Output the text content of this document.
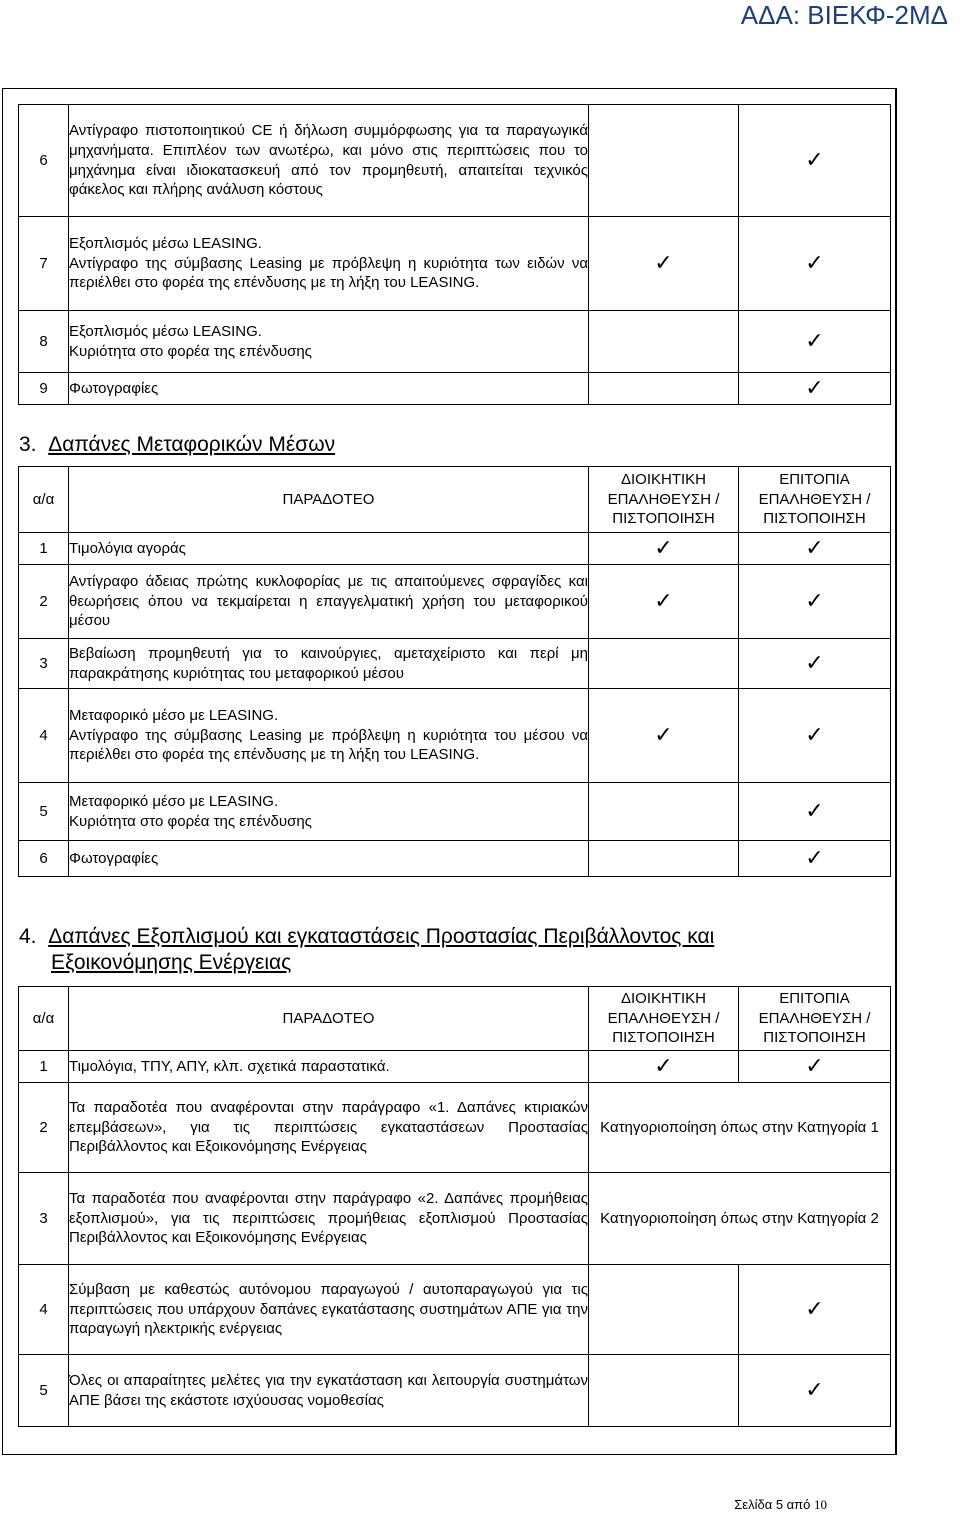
ΑΔΑ: ΒΙΕΚΦ-2ΜΔ
6	Αντίγραφο πιστοποιητικού CE ή δήλωση συμμόρφωσης για τα παραγωγικά μηχανήματα. Επιπλέον των ανωτέρω, και μόνο στις περιπτώσεις που το μηχάνημα είναι ιδιοκατασκευή από τον προμηθευτή, απαιτείται τεχνικός φάκελος και πλήρης ανάλυση κόστους		✓
7	Εξοπλισμός μέσω LEASING.
Αντίγραφο της σύμβασης Leasing με πρόβλεψη η κυριότητα των ειδών να περιέλθει στο φορέα της επένδυσης με τη λήξη του LEASING.	✓	✓
8	Εξοπλισμός μέσω LEASING.
Κυριότητα στο φορέα της επένδυσης		✓
9	Φωτογραφίες		✓
3. Δαπάνες Μεταφορικών Μέσων
α/α	ΠΑΡΑΔΟΤΕΟ	ΔΙΟΙΚΗΤΙΚΗ
ΕΠΑΛΗΘΕΥΣΗ /
ΠΙΣΤΟΠΟΙΗΣΗ	ΕΠΙΤΟΠΙΑ
ΕΠΑΛΗΘΕΥΣΗ /
ΠΙΣΤΟΠΟΙΗΣΗ

1	Τιμολόγια αγοράς	✓	✓
2	Αντίγραφο άδειας πρώτης κυκλοφορίας με τις απαιτούμενες σφραγίδες και θεωρήσεις όπου να τεκμαίρεται η επαγγελματική χρήση του μεταφορικού μέσου	✓	✓
3	Βεβαίωση προμηθευτή για το καινούργιες, αμεταχείριστο και περί μη παρακράτησης κυριότητας του μεταφορικού μέσου		✓
4	Μεταφορικό μέσο με LEASING.
Αντίγραφο της σύμβασης Leasing με πρόβλεψη η κυριότητα του μέσου να περιέλθει στο φορέα της επένδυσης με τη λήξη του LEASING.	✓	✓
5	Μεταφορικό μέσο με LEASING.
Κυριότητα στο φορέα της επένδυσης		✓
6	Φωτογραφίες		✓
4. Δαπάνες Εξοπλισμού και εγκαταστάσεις Προστασίας Περιβάλλοντος και
Εξοικονόμησης Ενέργειας
α/α	ΠΑΡΑΔΟΤΕΟ	ΔΙΟΙΚΗΤΙΚΗ
ΕΠΑΛΗΘΕΥΣΗ /
ΠΙΣΤΟΠΟΙΗΣΗ	ΕΠΙΤΟΠΙΑ
ΕΠΑΛΗΘΕΥΣΗ /
ΠΙΣΤΟΠΟΙΗΣΗ

1	Τιμολόγια, ΤΠΥ, ΑΠΥ, κλπ. σχετικά παραστατικά.	✓	✓
2	Τα παραδοτέα που αναφέρονται στην παράγραφο «1. Δαπάνες κτιριακών επεμβάσεων», για τις περιπτώσεις εγκαταστάσεων Προστασίας Περιβάλλοντος και Εξοικονόμησης Ενέργειας	Κατηγοριοποίηση όπως στην Κατηγορία 1	
3	Τα παραδοτέα που αναφέρονται στην παράγραφο «2. Δαπάνες προμήθειας εξοπλισμού», για τις περιπτώσεις προμήθειας εξοπλισμού Προστασίας Περιβάλλοντος και Εξοικονόμησης Ενέργειας	Κατηγοριοποίηση όπως στην Κατηγορία 2	
4	Σύμβαση με καθεστώς αυτόνομου παραγωγού / αυτοπαραγωγού για τις περιπτώσεις που υπάρχουν δαπάνες εγκατάστασης συστημάτων ΑΠΕ για την παραγωγή ηλεκτρικής ενέργειας		✓
5	Όλες οι απαραίτητες μελέτες για την εγκατάσταση και λειτουργία συστημάτων ΑΠΕ βάσει της εκάστοτε ισχύουσας νομοθεσίας		✓
Σελίδα 5 από 10
